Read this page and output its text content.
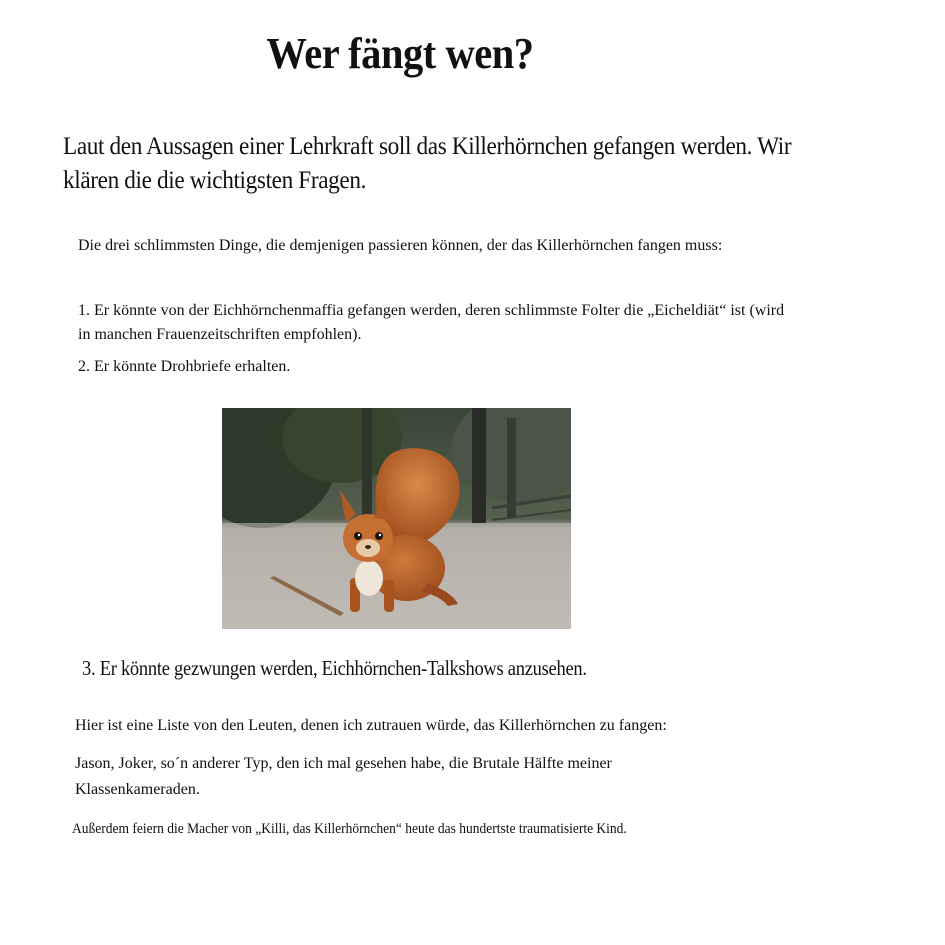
Wer fängt wen?
Laut den Aussagen einer Lehrkraft soll das Killerhörnchen gefangen werden. Wir klären die die wichtigsten Fragen.
Die drei schlimmsten Dinge, die demjenigen passieren können, der das Killerhörnchen fangen muss:
1. Er könnte von der Eichhörnchenmaffia gefangen werden, deren schlimmste Folter die „Eicheldiät“ ist (wird in manchen Frauenzeitschriften empfohlen).
2. Er könnte Drohbriefe erhalten.
3. Er könnte gezwungen werden, Eichhörnchen-Talkshows anzusehen.
Hier ist eine Liste von den Leuten, denen ich zutrauen würde, das Killerhörnchen zu fangen:
Jason, Joker, so´n anderer Typ, den ich mal gesehen habe, die Brutale Hälfte meiner Klassenkameraden.
Außerdem feiern die Macher von „Killi, das Killerhörnchen“ heute das hundertste traumatisierte Kind.
